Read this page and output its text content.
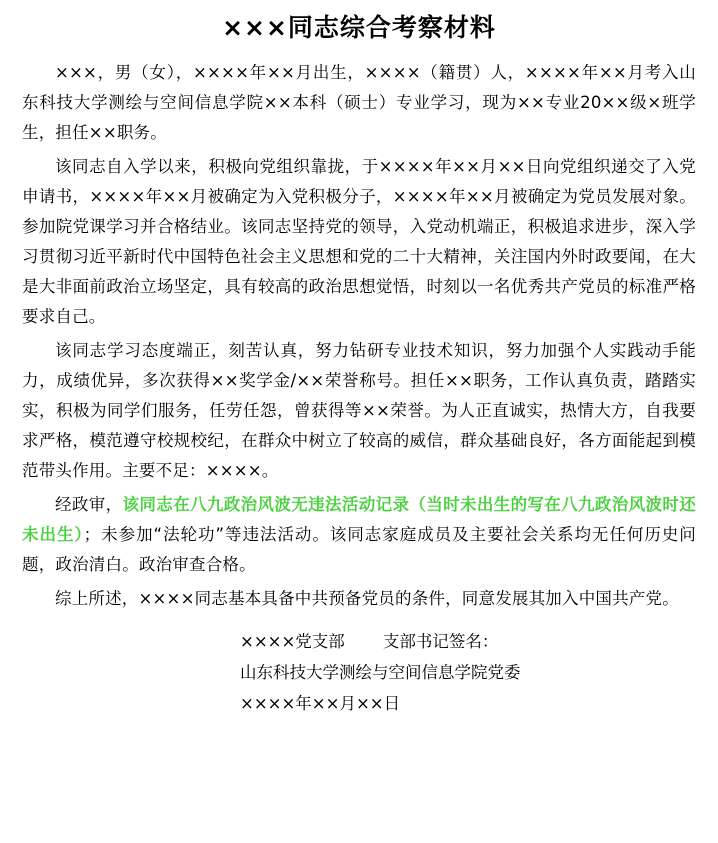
×××同志综合考察材料

×××，男（女），××××年××月出生，××××（籍贯）人，××××年××月考入山东科技大学测绘与空间信息学院××本科（硕士）专业学习，现为××专业20××级×班学生，担任××职务。

该同志自入学以来，积极向党组织靠拢，于××××年××月××日向党组织递交了入党申请书，××××年××月被确定为入党积极分子，××××年××月被确定为党员发展对象。参加院党课学习并合格结业。该同志坚持党的领导，入党动机端正，积极追求进步，深入学习贯彻习近平新时代中国特色社会主义思想和党的二十大精神，关注国内外时政要闻，在大是大非面前政治立场坚定，具有较高的政治思想觉悟，时刻以一名优秀共产党员的标准严格要求自己。

该同志学习态度端正，刻苦认真，努力钻研专业技术知识，努力加强个人实践动手能力，成绩优异，多次获得××奖学金/××荣誉称号。担任××职务，工作认真负责，踏踏实实，积极为同学们服务，任劳任怨，曾获得等××荣誉。为人正直诚实，热情大方，自我要求严格，模范遵守校规校纪，在群众中树立了较高的威信，群众基础良好，各方面能起到模范带头作用。主要不足：××××。

经政审，该同志在八九政治风波无违法活动记录（当时未出生的写在八九政治风波时还未出生）；未参加“法轮功”等违法活动。该同志家庭成员及主要社会关系均无任何历史问题，政治清白。政治审查合格。

综上所述，××××同志基本具备中共预备党员的条件，同意发展其加入中国共产党。

××××党支部 支部书记签名：
山东科技大学测绘与空间信息学院党委
××××年××月××日
